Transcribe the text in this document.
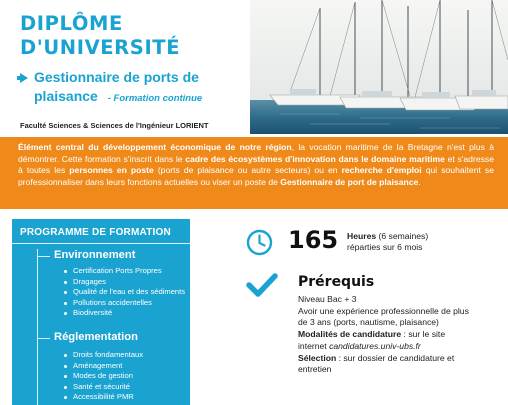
DIPLÔME
D'UNIVERSITÉ
Gestionnaire de ports de
plaisance - Formation continue
Faculté Sciences & Sciences de l'Ingénieur LORIENT
Élément central du développement économique de notre région, la vocation maritime de la Bretagne n'est plus à démontrer. Cette formation s'inscrit dans le cadre des écosystèmes d'innovation dans le domaine maritime et s'adresse à toutes les personnes en poste (ports de plaisance ou autre secteurs) ou en recherche d'emploi qui souhaitent se professionnaliser dans leurs fonctions actuelles ou viser un poste de Gestionnaire de port de plaisance.
PROGRAMME DE FORMATION
Environnement
Certification Ports Propres
Dragages
Qualité de l'eau et des sédiments
Pollutions accidentelles
Biodiversité
Réglementation
Droits fondamentaux
Aménagement
Modes de gestion
Santé et sécurité
Accessibilité PMR
165 Heures (6 semaines)
réparties sur 6 mois
Prérequis

Niveau Bac + 3

Avoir une expérience professionnelle de plus de 3 ans (ports, nautisme, plaisance)

Modalités de candidature : sur le site internet candidatures.univ-ubs.fr

Sélection : sur dossier de candidature et entretien
